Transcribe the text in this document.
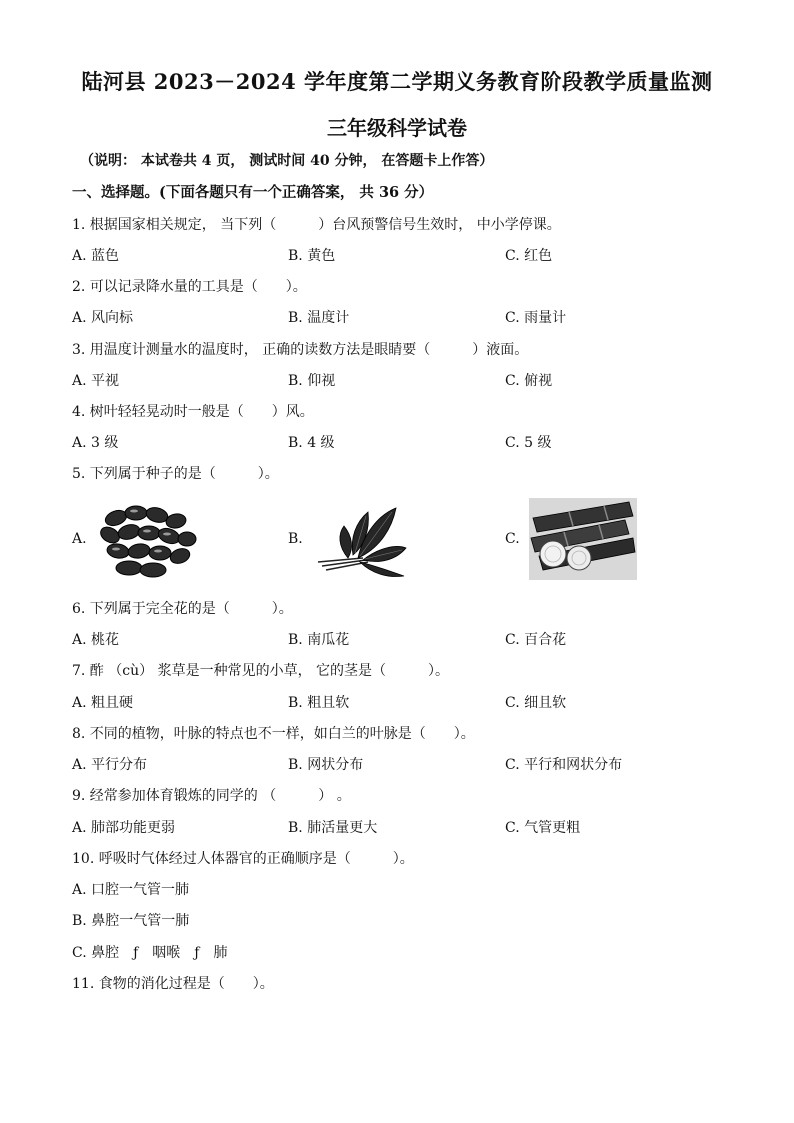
陆河县 2023－2024 学年度第二学期义务教育阶段教学质量监测
三年级科学试卷
（说明： 本试卷共 4 页， 测试时间 40 分钟， 在答题卡上作答）
一、选择题。(下面各题只有一个正确答案， 共 36 分）
1. 根据国家相关规定， 当下列（　　　）台风预警信号生效时， 中小学停课。
A. 蓝色	B. 黄色	C. 红色
2. 可以记录降水量的工具是（　　）。
A. 风向标	B. 温度计	C. 雨量计
3. 用温度计测量水的温度时， 正确的读数方法是眼睛要（　　　）液面。
A. 平视	B. 仰视	C. 俯视
4. 树叶轻轻晃动时一般是（　　）风。
A. 3 级	B. 4 级	C. 5 级
5. 下列属于种子的是（　　　）。
A.	B.	C.
6. 下列属于完全花的是（　　　）。
A. 桃花	B. 南瓜花	C. 百合花
7. 酢 （cù） 浆草是一种常见的小草， 它的茎是（　　　）。
A. 粗且硬	B. 粗且软	C. 细且软
8. 不同的植物，叶脉的特点也不一样，如白兰的叶脉是（　　）。
A. 平行分布	B. 网状分布	C. 平行和网状分布
9. 经常参加体育锻炼的同学的 （　　　） 。
A. 肺部功能更弱	B. 肺活量更大	C. 气管更粗
10. 呼吸时气体经过人体器官的正确顺序是（　　　）。
A. 口腔一气管一肺
B. 鼻腔一气管一肺
C. 鼻腔　ƒ　咽喉　ƒ　肺
11. 食物的消化过程是（　　）。
